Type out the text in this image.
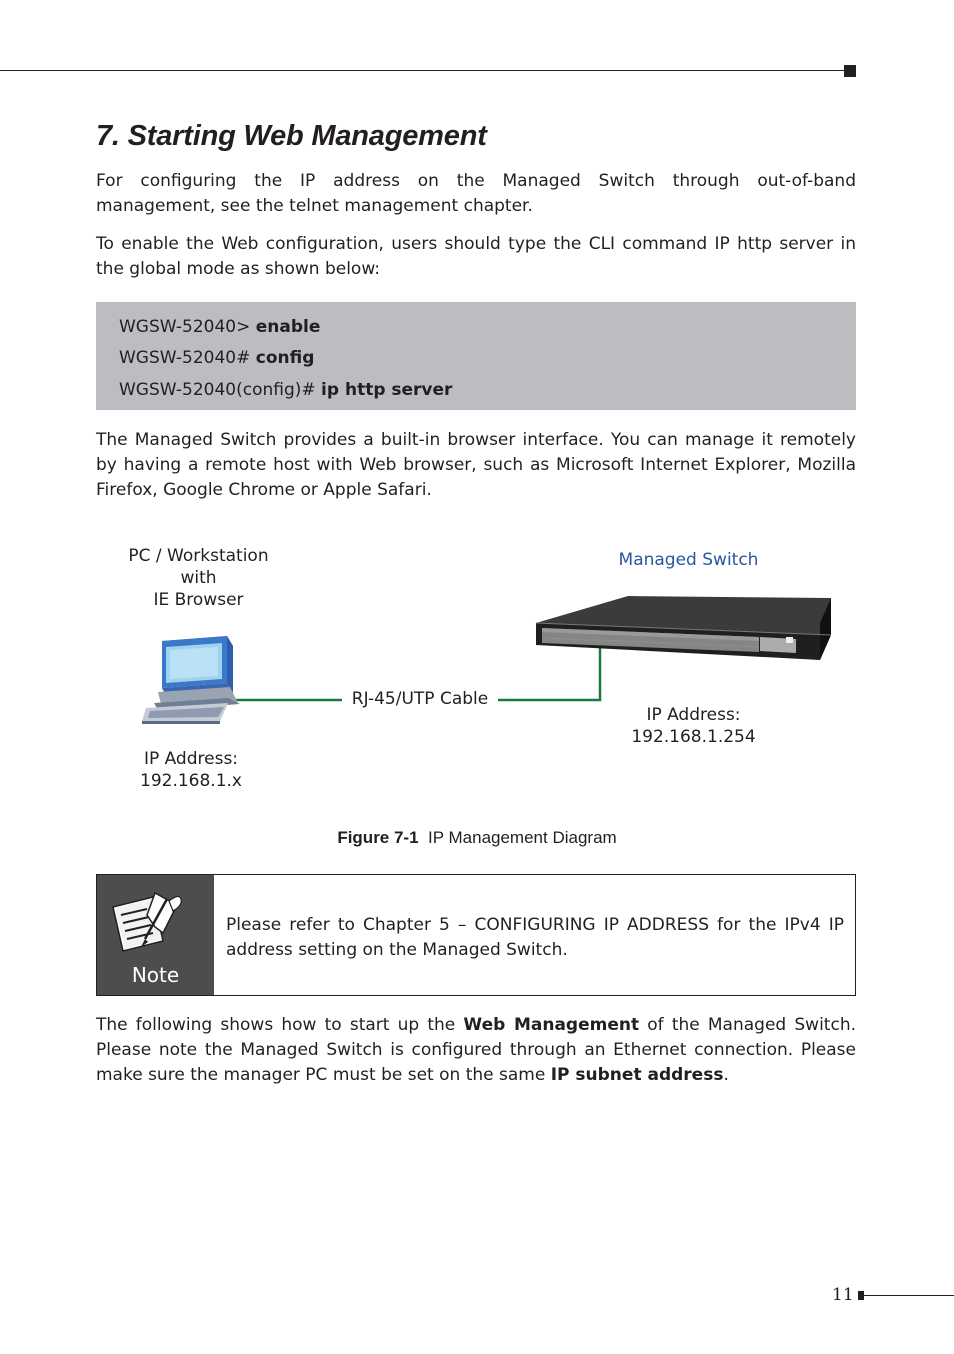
7. Starting Web Management

For configuring the IP address on the Managed Switch through out-of-band management, see the telnet management chapter.

To enable the Web configuration, users should type the CLI command IP http server in the global mode as shown below:

WGSW-52040> enable
WGSW-52040# config
WGSW-52040(config)# ip http server

The Managed Switch provides a built-in browser interface. You can manage it remotely by having a remote host with Web browser, such as Microsoft Internet Explorer, Mozilla Firefox, Google Chrome or Apple Safari.

PC / Workstation
with
IE Browser
Managed Switch
RJ-45/UTP Cable
IP Address:
192.168.1.x
IP Address:
192.168.1.254
Figure 7-1 IP Management Diagram
Note

Please refer to Chapter 5 – CONFIGURING IP ADDRESS for the IPv4 IP address setting on the Managed Switch.

The following shows how to start up the Web Management of the Managed Switch. Please note the Managed Switch is configured through an Ethernet connection. Please make sure the manager PC must be set on the same IP subnet address.

11
